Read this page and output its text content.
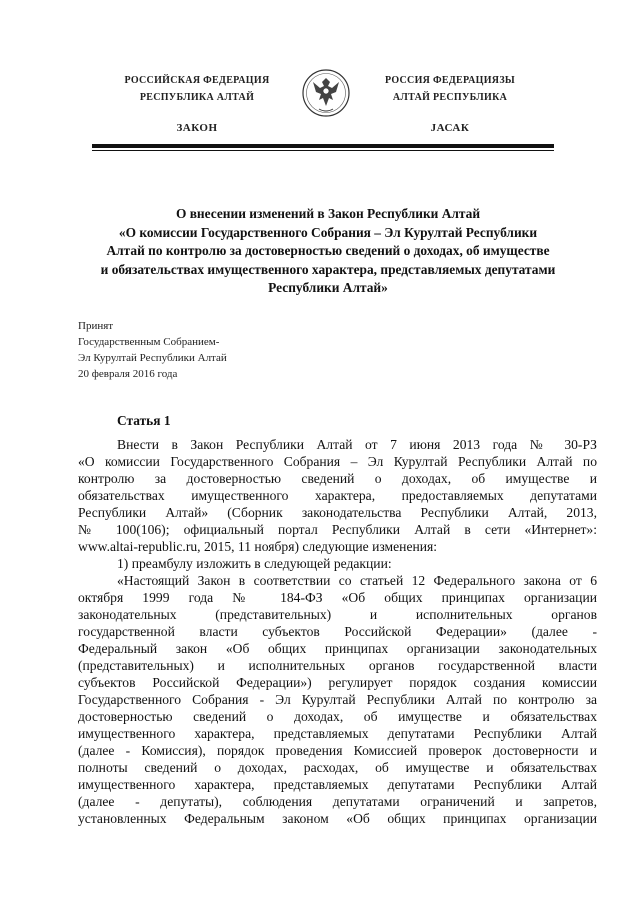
РОССИЙСКАЯ ФЕДЕРАЦИЯ
РЕСПУБЛИКА АЛТАЙ
ЗАКОН
РОССИЯ ФЕДЕРАЦИЯЗЫ
АЛТАЙ РЕСПУБЛИКА
JАСАК
О внесении изменений в Закон Республики Алтай
«О комиссии Государственного Собрания – Эл Курултай Республики
Алтай по контролю за достоверностью сведений о доходах, об имуществе
и обязательствах имущественного характера, представляемых депутатами
Республики Алтай»
Принят
Государственным Собранием-
Эл Курултай Республики Алтай
20 февраля 2016 года
Статья 1
Внести в Закон Республики Алтай от 7 июня 2013 года № 30-РЗ
«О комиссии Государственного Собрания – Эл Курултай Республики Алтай по
контролю за достоверностью сведений о доходах, об имуществе и
обязательствах имущественного характера, предоставляемых депутатами
Республики Алтай» (Сборник законодательства Республики Алтай, 2013,
№ 100(106); официальный портал Республики Алтай в сети «Интернет»:
www.altai-republic.ru, 2015, 11 ноября) следующие изменения:
1) преамбулу изложить в следующей редакции:
«Настоящий Закон в соответствии со статьей 12 Федерального закона от 6
октября 1999 года № 184-ФЗ «Об общих принципах организации
законодательных (представительных) и исполнительных органов
государственной власти субъектов Российской Федерации» (далее -
Федеральный закон «Об общих принципах организации законодательных
(представительных) и исполнительных органов государственной власти
субъектов Российской Федерации») регулирует порядок создания комиссии
Государственного Собрания - Эл Курултай Республики Алтай по контролю за
достоверностью сведений о доходах, об имуществе и обязательствах
имущественного характера, представляемых депутатами Республики Алтай
(далее - Комиссия), порядок проведения Комиссией проверок достоверности и
полноты сведений о доходах, расходах, об имуществе и обязательствах
имущественного характера, представляемых депутатами Республики Алтай
(далее - депутаты), соблюдения депутатами ограничений и запретов,
установленных Федеральным законом «Об общих принципах организации
